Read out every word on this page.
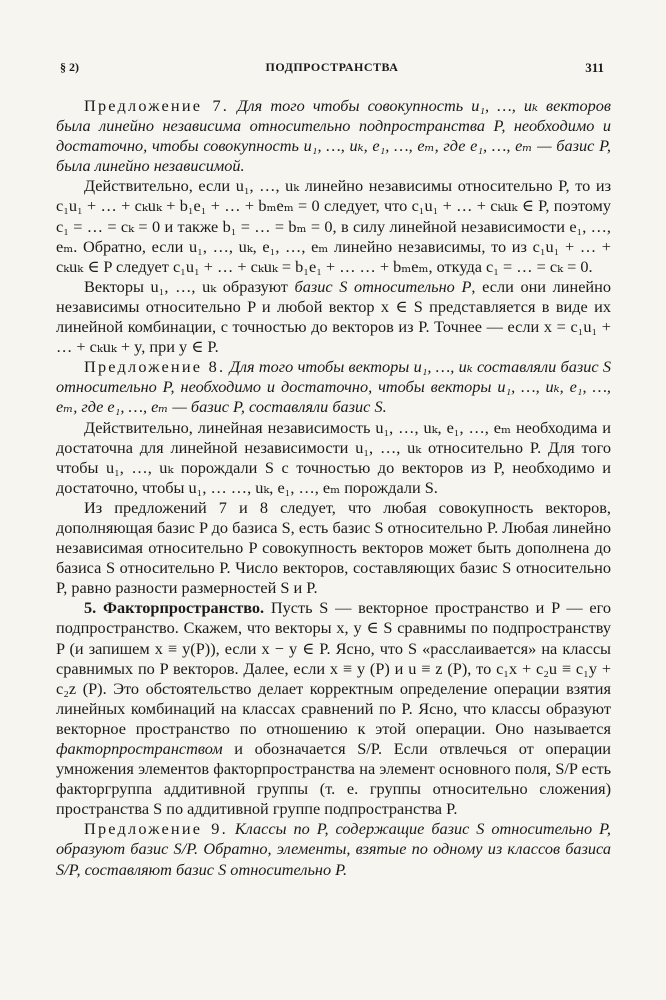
§ 2)	ПОДПРОСТРАНСТВА	311

Предложение 7. Для того чтобы совокупность u₁, …, uₖ векторов была линейно независима относительно подпространства P, необходимо и достаточно, чтобы совокупность u₁, …, uₖ, e₁, …, eₘ, где e₁, …, eₘ — базис P, была линейно независимой.

Действительно, если u₁, …, uₖ линейно независимы относительно P, то из c₁u₁ + … + cₖuₖ + b₁e₁ + … + bₘeₘ = 0 следует, что c₁u₁ + … + cₖuₖ ∈ P, поэтому c₁ = … = cₖ = 0 и также b₁ = … = bₘ = 0, в силу линейной независимости e₁, …, eₘ. Обратно, если u₁, …, uₖ, e₁, …, eₘ линейно независимы, то из c₁u₁ + … + cₖuₖ ∈ P следует c₁u₁ + … + cₖuₖ = b₁e₁ + … … + bₘeₘ, откуда c₁ = … = cₖ = 0.

Векторы u₁, …, uₖ образуют базис S относительно P, если они линейно независимы относительно P и любой вектор x ∈ S представляется в виде их линейной комбинации, с точностью до векторов из P. Точнее — если x = c₁u₁ + … + cₖuₖ + y, при y ∈ P.

Предложение 8. Для того чтобы векторы u₁, …, uₖ составляли базис S относительно P, необходимо и достаточно, чтобы векторы u₁, …, uₖ, e₁, …, eₘ, где e₁, …, eₘ — базис P, составляли базис S.

Действительно, линейная независимость u₁, …, uₖ, e₁, …, eₘ необходима и достаточна для линейной независимости u₁, …, uₖ относительно P. Для того чтобы u₁, …, uₖ порождали S с точностью до векторов из P, необходимо и достаточно, чтобы u₁, … …, uₖ, e₁, …, eₘ порождали S.

Из предложений 7 и 8 следует, что любая совокупность векторов, дополняющая базис P до базиса S, есть базис S относительно P. Любая линейно независимая относительно P совокупность векторов может быть дополнена до базиса S относительно P. Число векторов, составляющих базис S относительно P, равно разности размерностей S и P.

5. Факторпространство. Пусть S — векторное пространство и P — его подпространство. Скажем, что векторы x, y ∈ S сравнимы по подпространству P (и запишем x ≡ y(P)), если x − y ∈ P. Ясно, что S «расслаивается» на классы сравнимых по P векторов. Далее, если x ≡ y (P) и u ≡ z (P), то c₁x + c₂u ≡ c₁y + c₂z (P). Это обстоятельство делает корректным определение операции взятия линейных комбинаций на классах сравнений по P. Ясно, что классы образуют векторное пространство по отношению к этой операции. Оно называется факторпространством и обозначается S/P. Если отвлечься от операции умножения элементов факторпространства на элемент основного поля, S/P есть факторгруппа аддитивной группы (т. е. группы относительно сложения) пространства S по аддитивной группе подпространства P.

Предложение 9. Классы по P, содержащие базис S относительно P, образуют базис S/P. Обратно, элементы, взятые по одному из классов базиса S/P, составляют базис S относительно P.
